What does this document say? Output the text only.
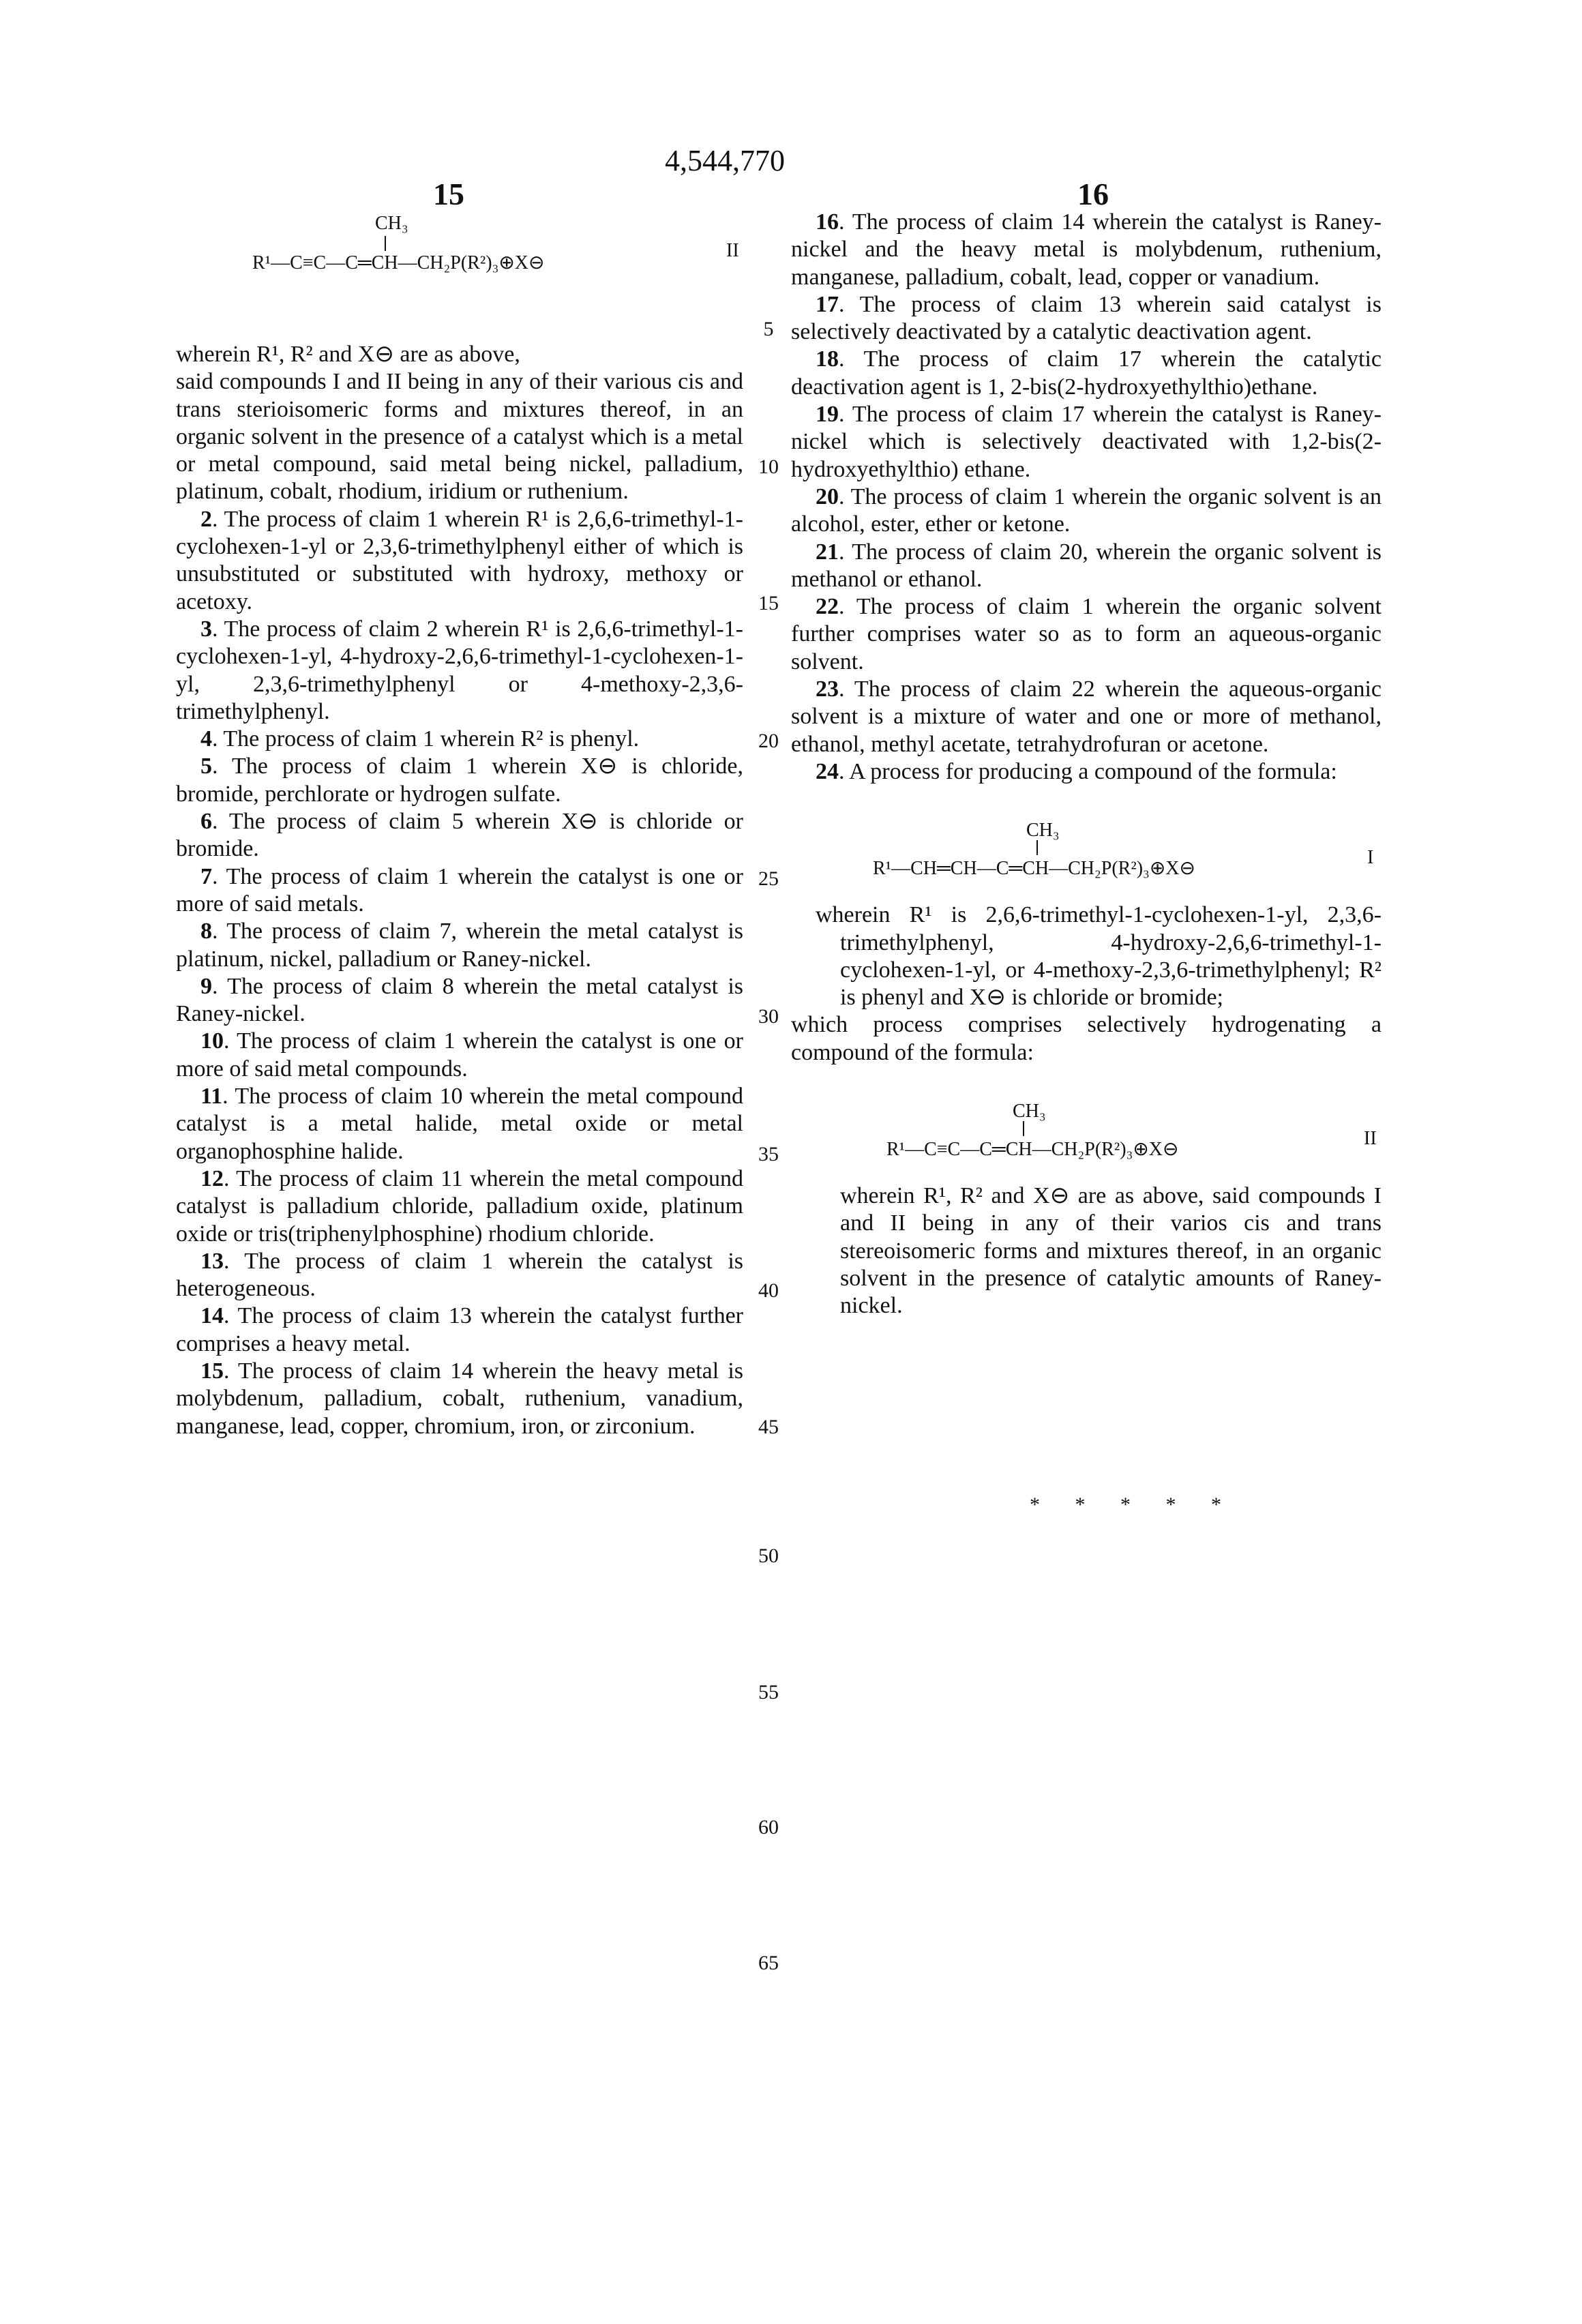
4,544,770
15	16
CH₃
R¹—C≡C—C═CH—CH₂P(R²)₃⊕X⊖
II

wherein R¹, R² and X⊖ are as above,

said compounds I and II being in any of their various cis and trans sterioisomeric forms and mixtures thereof, in an organic solvent in the presence of a catalyst which is a metal or metal compound, said metal being nickel, palladium, platinum, cobalt, rhodium, iridium or ruthenium.

2. The process of claim 1 wherein R¹ is 2,6,6-trimethyl-1-cyclohexen-1-yl or 2,3,6-trimethylphenyl either of which is unsubstituted or substituted with hydroxy, methoxy or acetoxy.

3. The process of claim 2 wherein R¹ is 2,6,6-trimethyl-1-cyclohexen-1-yl, 4-hydroxy-2,6,6-trimethyl-1-cyclohexen-1-yl, 2,3,6-trimethylphenyl or 4-methoxy-2,3,6-trimethylphenyl.

4. The process of claim 1 wherein R² is phenyl.

5. The process of claim 1 wherein X⊖ is chloride, bromide, perchlorate or hydrogen sulfate.

6. The process of claim 5 wherein X⊖ is chloride or bromide.

7. The process of claim 1 wherein the catalyst is one or more of said metals.

8. The process of claim 7, wherein the metal catalyst is platinum, nickel, palladium or Raney-nickel.

9. The process of claim 8 wherein the metal catalyst is Raney-nickel.

10. The process of claim 1 wherein the catalyst is one or more of said metal compounds.

11. The process of claim 10 wherein the metal compound catalyst is a metal halide, metal oxide or metal organophosphine halide.

12. The process of claim 11 wherein the metal compound catalyst is palladium chloride, palladium oxide, platinum oxide or tris(triphenylphosphine) rhodium chloride.

13. The process of claim 1 wherein the catalyst is heterogeneous.

14. The process of claim 13 wherein the catalyst further comprises a heavy metal.

15. The process of claim 14 wherein the heavy metal is molybdenum, palladium, cobalt, ruthenium, vanadium, manganese, lead, copper, chromium, iron, or zirconium.

16. The process of claim 14 wherein the catalyst is Raney-nickel and the heavy metal is molybdenum, ruthenium, manganese, palladium, cobalt, lead, copper or vanadium.

17. The process of claim 13 wherein said catalyst is selectively deactivated by a catalytic deactivation agent.

18. The process of claim 17 wherein the catalytic deactivation agent is 1, 2-bis(2-hydroxyethylthio)ethane.

19. The process of claim 17 wherein the catalyst is Raney-nickel which is selectively deactivated with 1,2-bis(2-hydroxyethylthio) ethane.

20. The process of claim 1 wherein the organic solvent is an alcohol, ester, ether or ketone.

21. The process of claim 20, wherein the organic solvent is methanol or ethanol.

22. The process of claim 1 wherein the organic solvent further comprises water so as to form an aqueous-organic solvent.

23. The process of claim 22 wherein the aqueous-organic solvent is a mixture of water and one or more of methanol, ethanol, methyl acetate, tetrahydrofuran or acetone.

24. A process for producing a compound of the formula:

CH₃
R¹—CH═CH—C═CH—CH₂P(R²)₃⊕X⊖
I

wherein R¹ is 2,6,6-trimethyl-1-cyclohexen-1-yl, 2,3,6-trimethylphenyl, 4-hydroxy-2,6,6-trimethyl-1-cyclohexen-1-yl, or 4-methoxy-2,3,6-trimethylphenyl; R² is phenyl and X⊖ is chloride or bromide;

which process comprises selectively hydrogenating a compound of the formula:

CH₃
R¹—C≡C—C═CH—CH₂P(R²)₃⊕X⊖
II

wherein R¹, R² and X⊖ are as above, said compounds I and II being in any of their varios cis and trans stereoisomeric forms and mixtures thereof, in an organic solvent in the presence of catalytic amounts of Raney-nickel.

* * * * *
5
10
15
20
25
30
35
40
45
50
55
60
65
